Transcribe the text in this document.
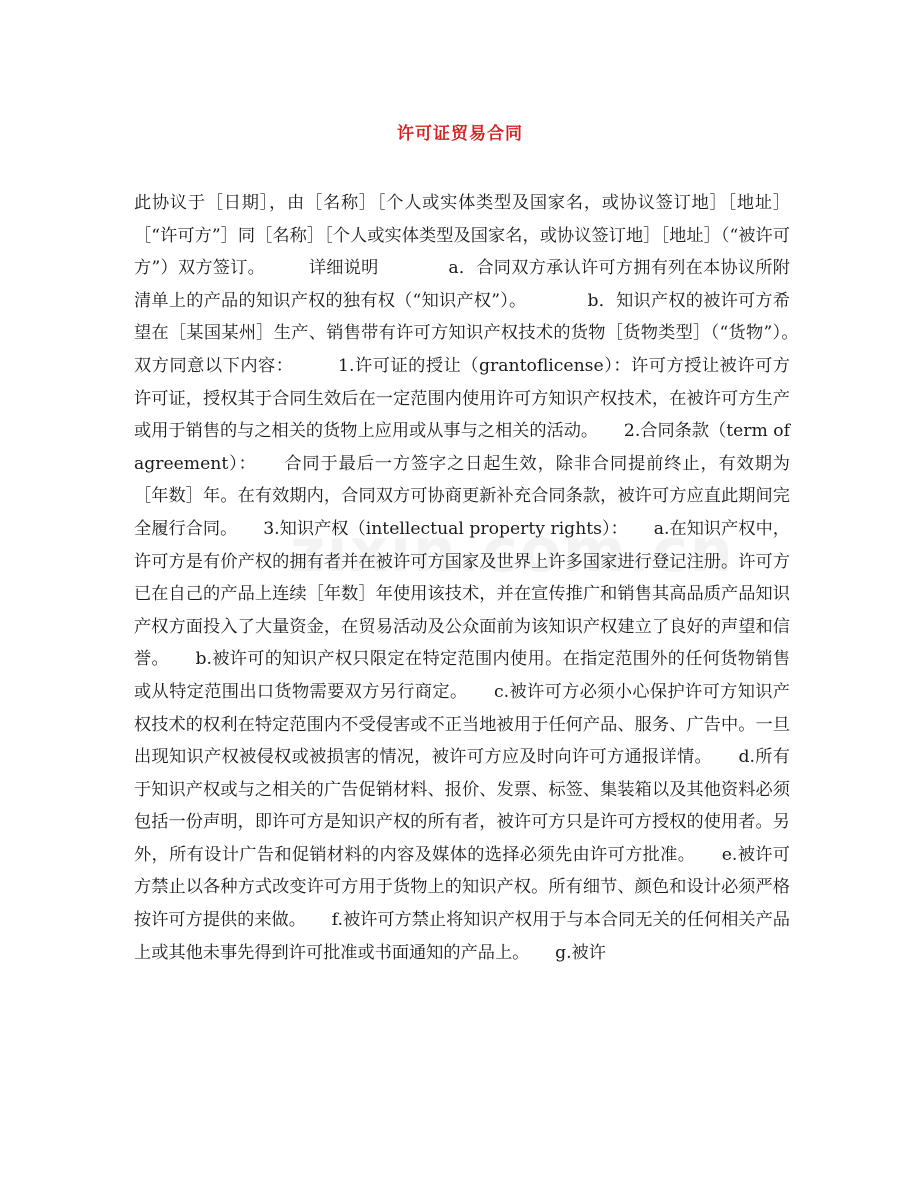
许可证贸易合同

此协议于［日期］，由［名称］［个人或实体类型及国家名，或协议签订地］［地址］［“许可方”］同［名称］［个人或实体类型及国家名，或协议签订地］［地址］（“被许可方”）双方签订。　　　详细说明　　　　a．合同双方承认许可方拥有列在本协议所附清单上的产品的知识产权的独有权（“知识产权”）。　　　　b．知识产权的被许可方希望在［某国某州］生产、销售带有许可方知识产权技术的货物［货物类型］（“货物”）。　　双方同意以下内容：　　　1.许可证的授让（grantoflicense）：许可方授让被许可方许可证，授权其于合同生效后在一定范围内使用许可方知识产权技术，在被许可方生产或用于销售的与之相关的货物上应用或从事与之相关的活动。　　2.合同条款（term of agreement）：　　合同于最后一方签字之日起生效，除非合同提前终止，有效期为［年数］年。在有效期内，合同双方可协商更新补充合同条款，被许可方应直此期间完全履行合同。　　3.知识产权（intellectual property rights）：　　a.在知识产权中，许可方是有价产权的拥有者并在被许可方国家及世界上许多国家进行登记注册。许可方已在自己的产品上连续［年数］年使用该技术，并在宣传推广和销售其高品质产品知识产权方面投入了大量资金，在贸易活动及公众面前为该知识产权建立了良好的声望和信誉。　　b.被许可的知识产权只限定在特定范围内使用。在指定范围外的任何货物销售或从特定范围出口货物需要双方另行商定。　　c.被许可方必须小心保护许可方知识产权技术的权利在特定范围内不受侵害或不正当地被用于任何产品、服务、广告中。一旦出现知识产权被侵权或被损害的情况，被许可方应及时向许可方通报详情。　　d.所有于知识产权或与之相关的广告促销材料、报价、发票、标签、集装箱以及其他资料必须包括一份声明，即许可方是知识产权的所有者，被许可方只是许可方授权的使用者。另外，所有设计广告和促销材料的内容及媒体的选择必须先由许可方批准。　　e.被许可方禁止以各种方式改变许可方用于货物上的知识产权。所有细节、颜色和设计必须严格按许可方提供的来做。　　f.被许可方禁止将知识产权用于与本合同无关的任何相关产品上或其他未事先得到许可批准或书面通知的产品上。　　g.被许
